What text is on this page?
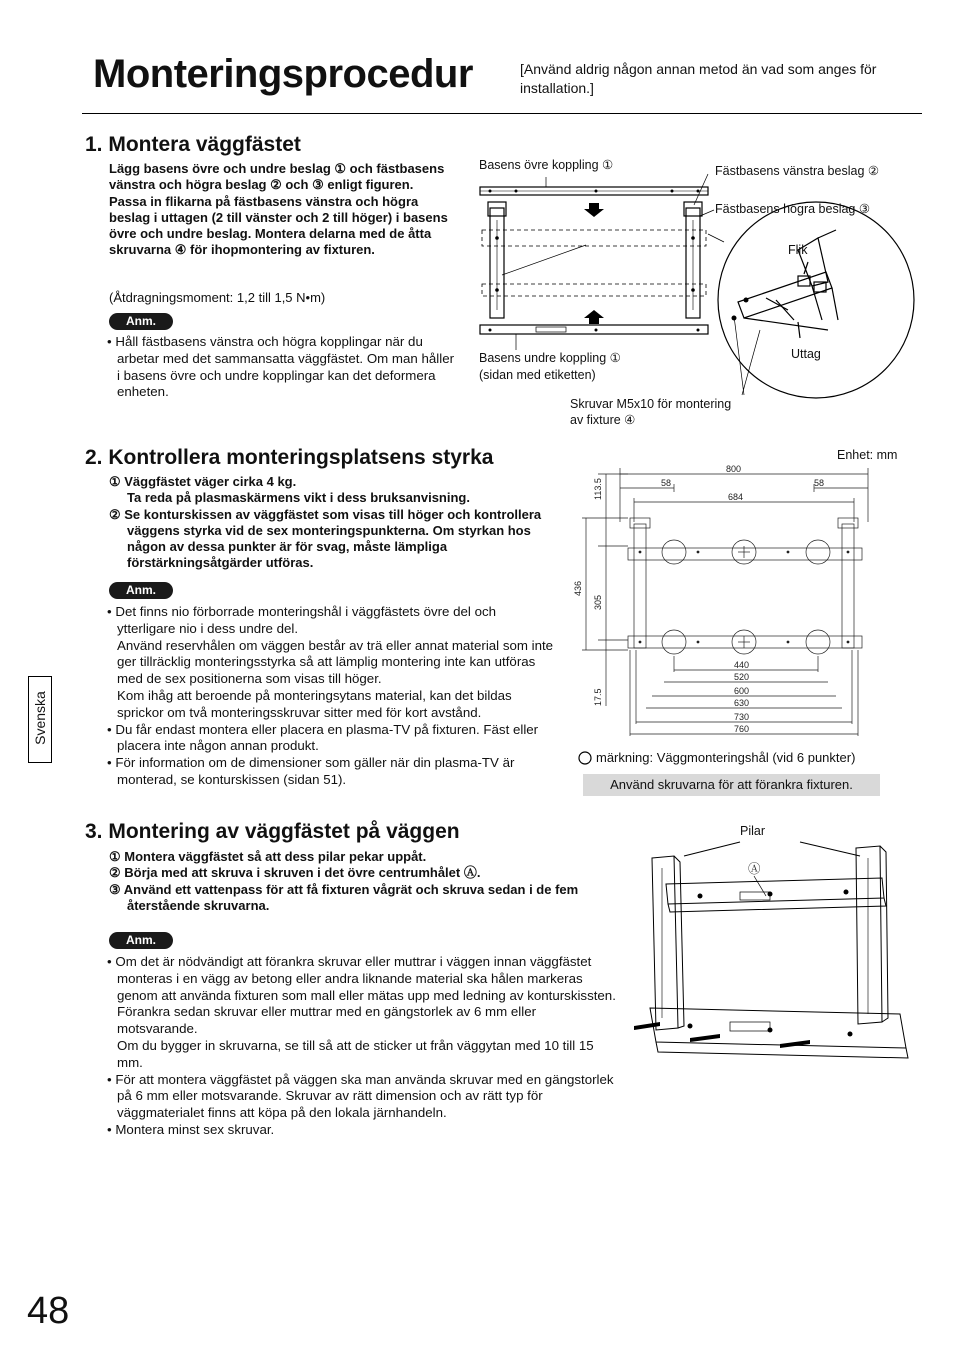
Monteringsprocedur	[Använd aldrig någon annan metod än vad som anges för installation.]
1. Montera väggfästet
Lägg basens övre och undre beslag ① och fästbasens vänstra och högra beslag ② och ③ enligt figuren.
Passa in flikarna på fästbasens vänstra och högra beslag i uttagen (2 till vänster och 2 till höger) i basens övre och undre beslag. Montera delarna med de åtta skruvarna ④ för ihopmontering av fixturen.
(Åtdragningsmoment: 1,2 till 1,5 N•m)
Anm.
• Håll fästbasens vänstra och högra kopplingar när du arbetar med det sammansatta väggfästet. Om man håller i basens övre och undre kopplingar kan det deformera enheten.
Basens övre koppling ①	Fästbasens vänstra beslag ②
Fästbasens högra beslag ③
Flik
Uttag
Basens undre koppling ①
(sidan med etiketten)
Skruvar M5x10 för montering
av fixture ④
2. Kontrollera monteringsplatsens styrka
① Väggfästet väger cirka 4 kg.
Ta reda på plasmaskärmens vikt i dess bruksanvisning.
② Se konturskissen av väggfästet som visas till höger och kontrollera väggens styrka vid de sex monteringspunkterna. Om styrkan hos någon av dessa punkter är för svag, måste lämpliga förstärkningsåtgärder utföras.
Anm.
• Det finns nio förborrade monteringshål i väggfästets övre del och ytterligare nio i dess undre del.
Använd reservhålen om väggen består av trä eller annat material som inte ger tillräcklig monteringsstyrka så att lämplig montering inte kan utföras med de sex positionerna som visas till höger.
Kom ihåg att beroende på monteringsytans material, kan det bildas sprickor om två monteringsskruvar sitter med för kort avstånd.
• Du får endast montera eller placera en plasma-TV på fixturen. Fäst eller placera inte någon annan produkt.
• För information om de dimensioner som gäller när din plasma-TV är monterad, se konturskissen (sidan 51).
Enhet: mm
800
58	58
684
113.5
436
305
17.5
440
520
600
630
730
760
märkning: Väggmonteringshål (vid 6 punkter)
Använd skruvarna för att förankra fixturen.
3. Montering av väggfästet på väggen
① Montera väggfästet så att dess pilar pekar uppåt.
② Börja med att skruva i skruven i det övre centrumhålet Ⓐ.
③ Använd ett vattenpass för att få fixturen vågrät och skruva sedan i de fem återstående skruvarna.
Anm.
• Om det är nödvändigt att förankra skruvar eller muttrar i väggen innan väggfästet monteras i en vägg av betong eller andra liknande material ska hålen markeras genom att använda fixturen som mall eller mätas upp med ledning av konturskissten. Förankra sedan skruvar eller muttrar med en gängstorlek av 6 mm eller motsvarande.
Om du bygger in skruvarna, se till så att de sticker ut från väggytan med 10 till 15 mm.
• För att montera väggfästet på väggen ska man använda skruvar med en gängstorlek på 6 mm eller motsvarande. Skruvar av rätt dimension och av rätt typ för väggmaterialet finns att köpa på den lokala järnhandeln.
• Montera minst sex skruvar.
Pilar
Ⓐ
Svenska
48
